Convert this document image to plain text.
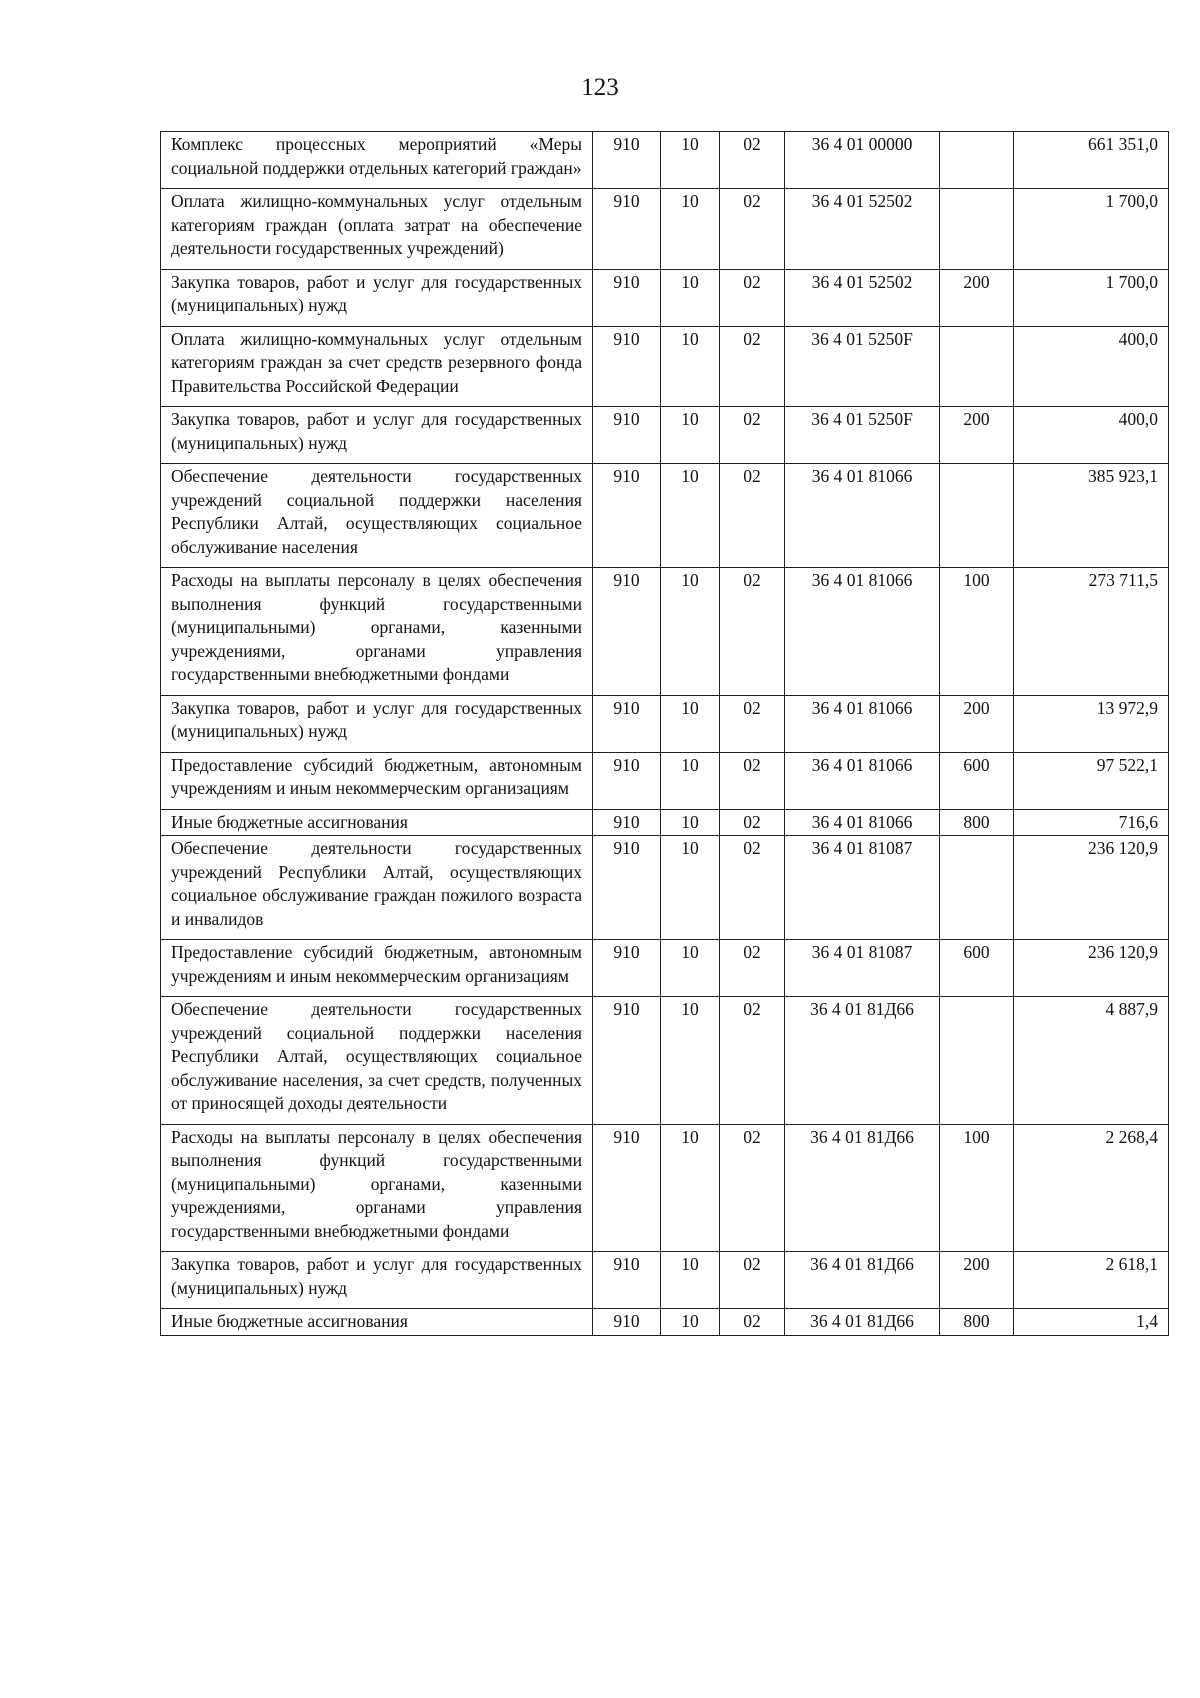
123
Комплекс процессных мероприятий «Меры социальной поддержки отдельных категорий граждан»	910	10	02	36 4 01 00000		661 351,0
Оплата жилищно-коммунальных услуг отдельным категориям граждан (оплата затрат на обеспечение деятельности государственных учреждений)	910	10	02	36 4 01 52502		1 700,0
Закупка товаров, работ и услуг для государственных (муниципальных) нужд	910	10	02	36 4 01 52502	200	1 700,0
Оплата жилищно-коммунальных услуг отдельным категориям граждан за счет средств резервного фонда Правительства Российской Федерации	910	10	02	36 4 01 5250F		400,0
Закупка товаров, работ и услуг для государственных (муниципальных) нужд	910	10	02	36 4 01 5250F	200	400,0
Обеспечение деятельности государственных учреждений социальной поддержки населения Республики Алтай, осуществляющих социальное обслуживание населения	910	10	02	36 4 01 81066		385 923,1
Расходы на выплаты персоналу в целях обеспечения выполнения функций государственными (муниципальными) органами, казенными учреждениями, органами управления государственными внебюджетными фондами	910	10	02	36 4 01 81066	100	273 711,5
Закупка товаров, работ и услуг для государственных (муниципальных) нужд	910	10	02	36 4 01 81066	200	13 972,9
Предоставление субсидий бюджетным, автономным учреждениям и иным некоммерческим организациям	910	10	02	36 4 01 81066	600	97 522,1
Иные бюджетные ассигнования	910	10	02	36 4 01 81066	800	716,6
Обеспечение деятельности государственных учреждений Республики Алтай, осуществляющих социальное обслуживание граждан пожилого возраста и инвалидов	910	10	02	36 4 01 81087		236 120,9
Предоставление субсидий бюджетным, автономным учреждениям и иным некоммерческим организациям	910	10	02	36 4 01 81087	600	236 120,9
Обеспечение деятельности государственных учреждений социальной поддержки населения Республики Алтай, осуществляющих социальное обслуживание населения, за счет средств, полученных от приносящей доходы деятельности	910	10	02	36 4 01 81Д66		4 887,9
Расходы на выплаты персоналу в целях обеспечения выполнения функций государственными (муниципальными) органами, казенными учреждениями, органами управления государственными внебюджетными фондами	910	10	02	36 4 01 81Д66	100	2 268,4
Закупка товаров, работ и услуг для государственных (муниципальных) нужд	910	10	02	36 4 01 81Д66	200	2 618,1
Иные бюджетные ассигнования	910	10	02	36 4 01 81Д66	800	1,4
